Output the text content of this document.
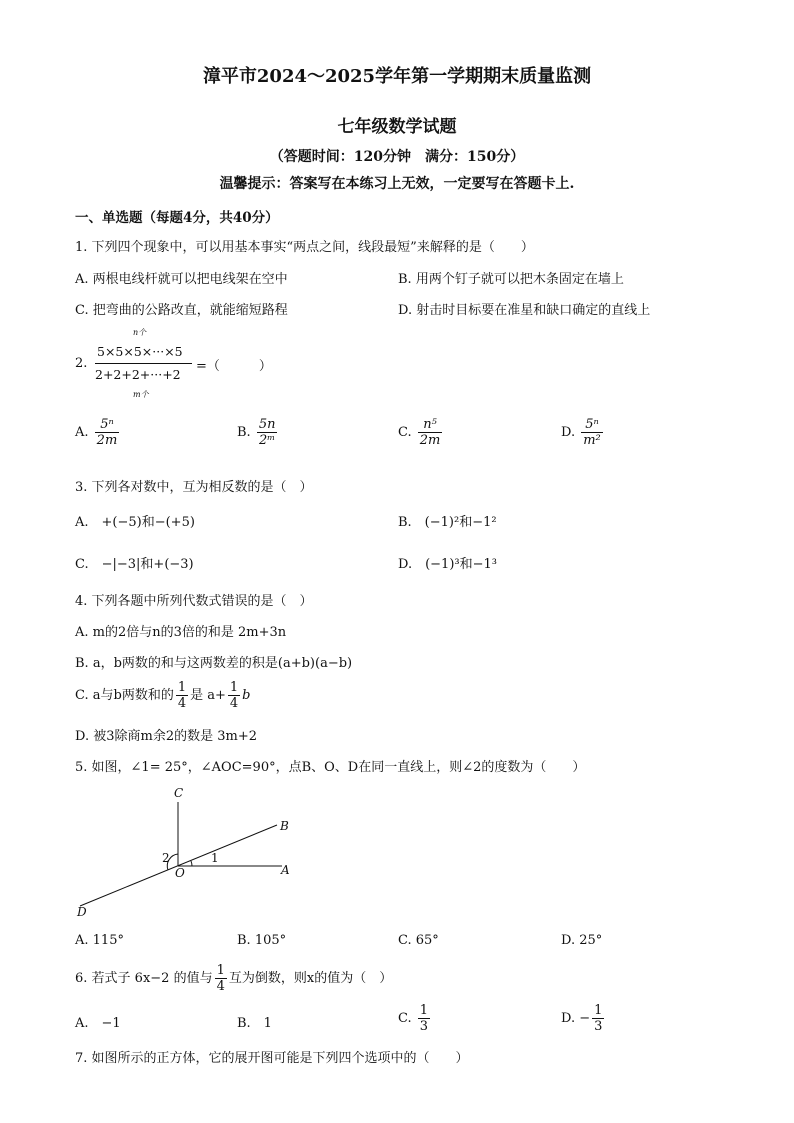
漳平市2024～2025学年第一学期期末质量监测
七年级数学试题
（答题时间：120分钟　满分：150分）
温馨提示：答案写在本练习上无效，一定要写在答题卡上.
一、单选题（每题4分，共40分）
1. 下列四个现象中，可以用基本事实“两点之间，线段最短”来解释的是（　　）
A. 两根电线杆就可以把电线架在空中	B. 用两个钉子就可以把木条固定在墙上
C. 把弯曲的公路改直，就能缩短路程	D. 射击时目标要在准星和缺口确定的直线上
2.
n个
5×5×5×···×5
2+2+2+···+2
m个
=（　　　）
A. $\frac{\text{5ⁿ}}{2m}$	B. $\frac{5n}{\text{2ᵐ}}$	C. $\frac{\text{n⁵}}{2m}$	D. $\frac{\text{5ⁿ}}{\text{m²}}$
3. 下列各对数中，互为相反数的是（　）
A.　+(−5)和−(+5)	B.　(−1)²和−1²
C.　−|−3|和+(−3)	D.　(−1)³和−1³
4. 下列各题中所列代数式错误的是（　）
A. m的2倍与n的3倍的和是 2m+3n
B. a，b两数的和与这两数差的积是(a+b)(a−b)
C. a与b两数和的 $\frac{1}{4}$ 是 $a+ \frac{1}{4}$ b
D. 被3除商m余2的数是 3m+2
5. 如图，∠1= 25°，∠AOC=90°，点B、O、D在同一直线上，则∠2的度数为（　　）
C
B
O	A
D
1
2
A. 115°	B. 105°	C. 65°	D. 25°
6. 若式子 6x−2 的值与 $\frac{1}{4}$ 互为倒数，则x的值为（　）
A.　−1	B.　1	C. $\frac{1}{3}$	D. − $\frac{1}{3}$
7. 如图所示的正方体，它的展开图可能是下列四个选项中的（　　）
